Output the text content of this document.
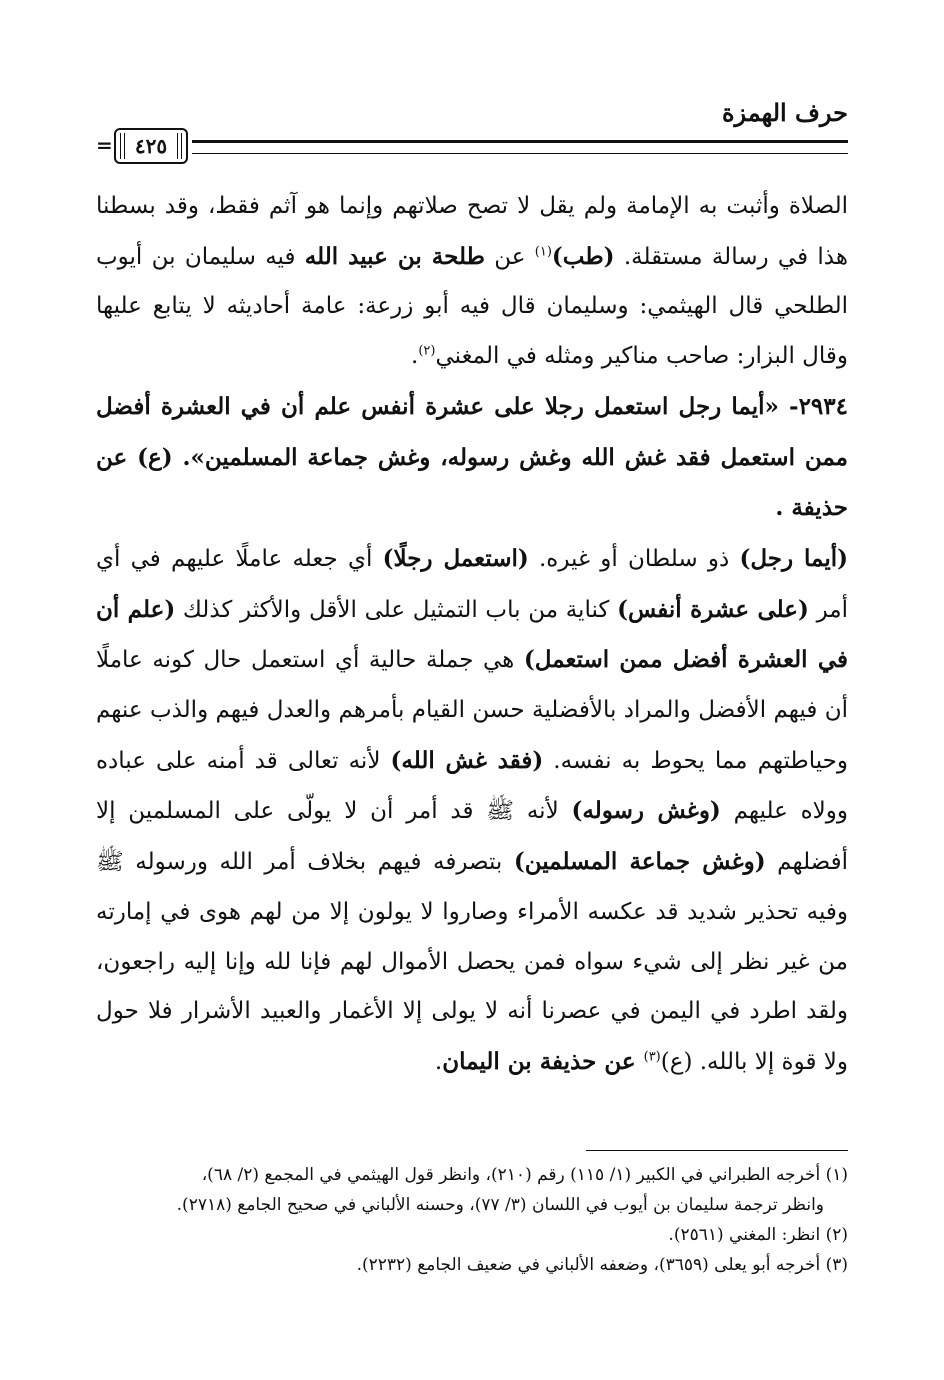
حرف الهمزة
٤٢٥
=

الصلاة وأثبت به الإمامة ولم يقل لا تصح صلاتهم وإنما هو آثم فقط، وقد بسطنا هذا في رسالة مستقلة. (طب)$^{(١)}$ عن طلحة بن عبيد الله فيه سليمان بن أيوب الطلحي قال الهيثمي: وسليمان قال فيه أبو زرعة: عامة أحاديثه لا يتابع عليها وقال البزار: صاحب مناكير ومثله في المغني$^{(٢)}$.

٢٩٣٤- «أيما رجل استعمل رجلا على عشرة أنفس علم أن في العشرة أفضل ممن استعمل فقد غش الله وغش رسوله، وغش جماعة المسلمين». (ع) عن حذيفة .

(أيما رجل) ذو سلطان أو غيره. (استعمل رجلًا) أي جعله عاملًا عليهم في أي أمر (على عشرة أنفس) كناية من باب التمثيل على الأقل والأكثر كذلك (علم أن في العشرة أفضل ممن استعمل) هي جملة حالية أي استعمل حال كونه عاملًا أن فيهم الأفضل والمراد بالأفضلية حسن القيام بأمرهم والعدل فيهم والذب عنهم وحياطتهم مما يحوط به نفسه. (فقد غش الله) لأنه تعالى قد أمنه على عباده وولاه عليهم (وغش رسوله) لأنه ﷺ قد أمر أن لا يولّى على المسلمين إلا أفضلهم (وغش جماعة المسلمين) بتصرفه فيهم بخلاف أمر الله ورسوله ﷺ وفيه تحذير شديد قد عكسه الأمراء وصاروا لا يولون إلا من لهم هوى في إمارته من غير نظر إلى شيء سواه فمن يحصل الأموال لهم فإنا لله وإنا إليه راجعون، ولقد اطرد في اليمن في عصرنا أنه لا يولى إلا الأغمار والعبيد الأشرار فلا حول ولا قوة إلا بالله. (ع)$^{(٣)}$ عن حذيفة بن اليمان.

(١) أخرجه الطبراني في الكبير (١/ ١١٥) رقم (٢١٠)، وانظر قول الهيثمي في المجمع (٢/ ٦٨)،

وانظر ترجمة سليمان بن أيوب في اللسان (٣/ ٧٧)، وحسنه الألباني في صحيح الجامع (٢٧١٨).

(٢) انظر: المغني (٢٥٦١).

(٣) أخرجه أبو يعلى (٣٦٥٩)، وضعفه الألباني في ضعيف الجامع (٢٢٣٢).
